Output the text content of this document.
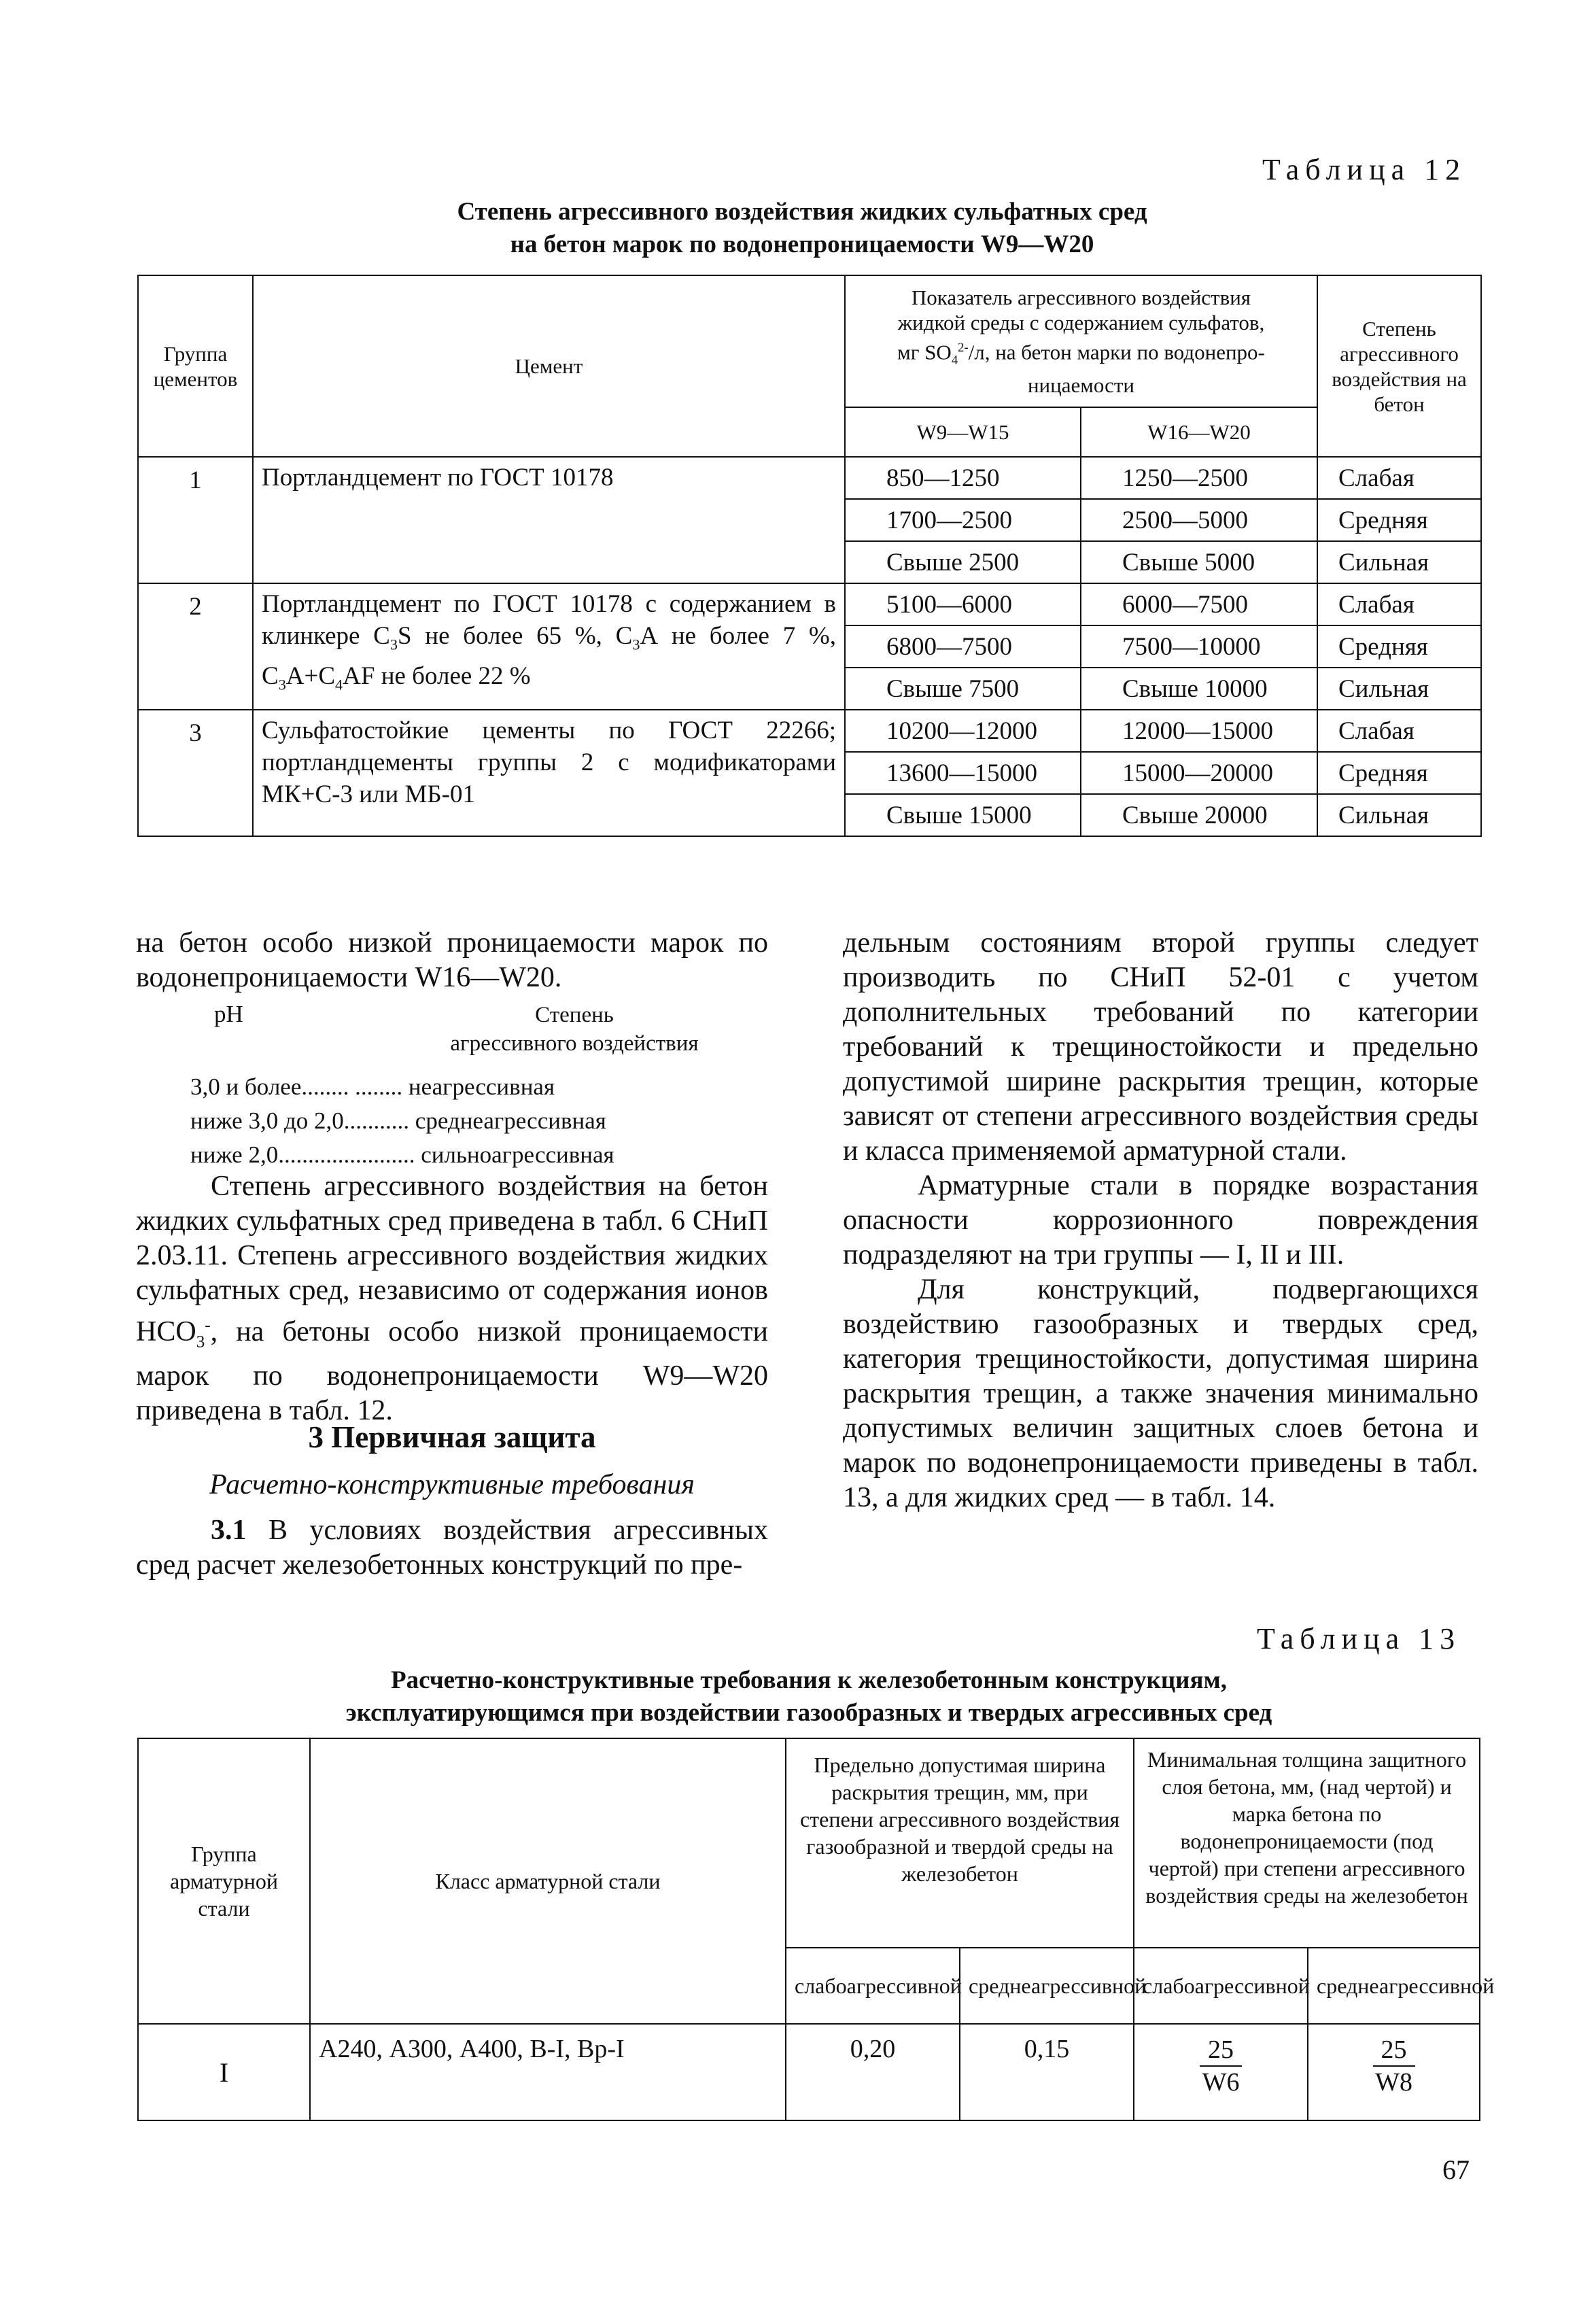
Таблица 12
Степень агрессивного воздействия жидких сульфатных сред
на бетон марок по водонепроницаемости W9—W20
Группа цементов	Цемент	Показатель агрессивного воздействия
жидкой среды с содержанием сульфатов,
мг $SO_4^{2-}/л$, на бетон марки по водонепро-
ницаемости		Степень агрессивного воздействия на бетон
		W9—W15	W16—W20	
1	Портландцемент по ГОСТ 10178	850—1250	1250—2500	Слабая
		1700—2500	2500—5000	Средняя
		Свыше 2500	Свыше 5000	Сильная
2	Портландцемент по ГОСТ 10178 с содержанием в клинкере $С_3S$ не более 65 %, $С_3А$ не более 7 %, $С_3А+С_4AF$ не более 22 %	5100—6000	6000—7500	Слабая
		6800—7500	7500—10000	Средняя
		Свыше 7500	Свыше 10000	Сильная
3	Сульфатостойкие цементы по ГОСТ 22266; портландцементы группы 2 с модификаторами МК+С-3 или МБ-01	10200—12000	12000—15000	Слабая
		13600—15000	15000—20000	Средняя
		Свыше 15000	Свыше 20000	Сильная

на бетон особо низкой проницаемости марок по водонепроницаемости W16—W20.

pH	Степень
агрессивного воздействия
3,0 и более........ ........ неагрессивная
ниже 3,0 до 2,0........... среднеагрессивная
ниже 2,0....................... сильноагрессивная

Степень агрессивного воздействия на бетон жидких сульфатных сред приведена в табл. 6 СНиП 2.03.11. Степень агрессивного воздействия жидких сульфатных сред, независимо от содержания ионов $НСО_3^-$, на бетоны особо низкой проницаемости марок по водонепроницаемости W9—W20 приведена в табл. 12.

3 Первичная защита
Расчетно-конструктивные требования

3.1 В условиях воздействия агрессивных сред расчет железобетонных конструкций по пре-

дельным состояниям второй группы следует производить по СНиП 52-01 с учетом дополнительных требований по категории требований к трещиностойкости и предельно допустимой ширине раскрытия трещин, которые зависят от степени агрессивного воздействия среды и класса применяемой арматурной стали.

Арматурные стали в порядке возрастания опасности коррозионного повреждения подразделяют на три группы — I, II и III.

Для конструкций, подвергающихся воздействию газообразных и твердых сред, категория трещиностойкости, допустимая ширина раскрытия трещин, а также значения минимально допустимых величин защитных слоев бетона и марок по водонепроницаемости приведены в табл. 13, а для жидких сред — в табл. 14.

Таблица 13
Расчетно-конструктивные требования к железобетонным конструкциям,
эксплуатирующимся при воздействии газообразных и твердых агрессивных сред
Группа арматурной стали	Класс арматурной стали	Предельно допустимая ширина раскрытия трещин, мм, при степени агрессивного воздействия газообразной и твердой среды на железобетон		Минимальная толщина защитного слоя бетона, мм, (над чертой) и марка бетона по водонепроницаемости (под чертой) при степени агрессивного воздействия среды на железобетон	
		слабоагрессивной	среднеагрессивной	слабоагрессивной	среднеагрессивной
I	А240, А300, А400, В-I, Вр-I	0,20	0,15	$\frac{25}{W6}$	$\frac{25}{W8}$
67
